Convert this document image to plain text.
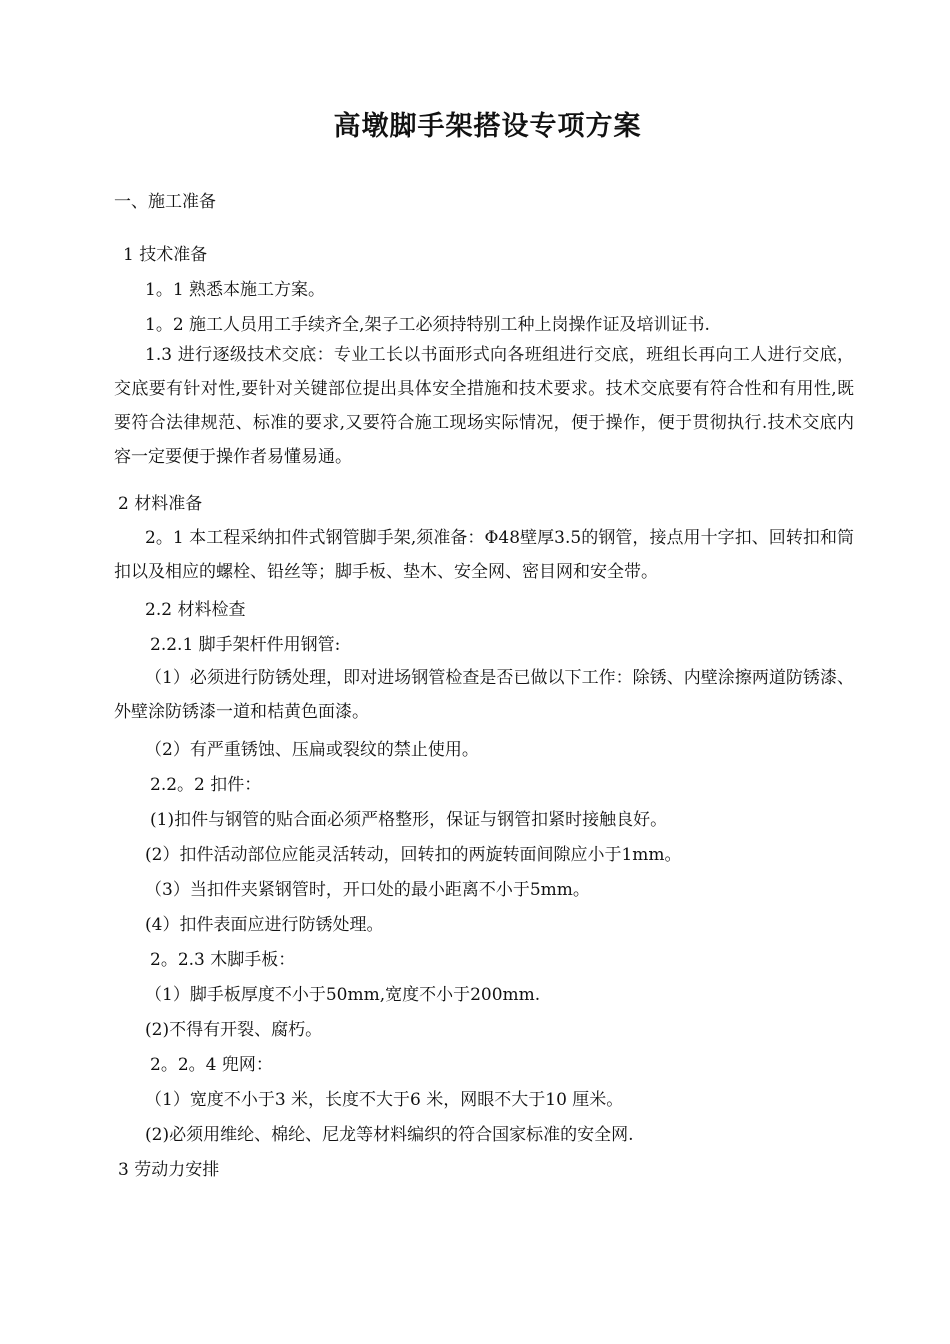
高墩脚手架搭设专项方案
一、施工准备
1 技术准备
1。1 熟悉本施工方案。
1。2 施工人员用工手续齐全,架子工必须持特别工种上岗操作证及培训证书.
1.3 进行逐级技术交底：专业工长以书面形式向各班组进行交底，班组长再向工人进行交底，交底要有针对性,要针对关键部位提出具体安全措施和技术要求。技术交底要有符合性和有用性,既要符合法律规范、标准的要求,又要符合施工现场实际情况，便于操作，便于贯彻执行.技术交底内容一定要便于操作者易懂易通。
2 材料准备
2。1 本工程采纳扣件式钢管脚手架,须准备：Φ48壁厚3.5的钢管，接点用十字扣、回转扣和筒扣以及相应的螺栓、铅丝等；脚手板、垫木、安全网、密目网和安全带。
2.2 材料检查
2.2.1 脚手架杆件用钢管:
（1）必须进行防锈处理，即对进场钢管检查是否已做以下工作：除锈、内壁涂擦两道防锈漆、外壁涂防锈漆一道和桔黄色面漆。
（2）有严重锈蚀、压扁或裂纹的禁止使用。
2.2。2 扣件：
(1)扣件与钢管的贴合面必须严格整形，保证与钢管扣紧时接触良好。
(2）扣件活动部位应能灵活转动，回转扣的两旋转面间隙应小于1mm。
（3）当扣件夹紧钢管时，开口处的最小距离不小于5mm。
(4）扣件表面应进行防锈处理。
2。2.3 木脚手板：
（1）脚手板厚度不小于50mm,宽度不小于200mm.
(2)不得有开裂、腐朽。
2。2。4 兜网：
（1）宽度不小于3 米，长度不大于6 米，网眼不大于10 厘米。
(2)必须用维纶、棉纶、尼龙等材料编织的符合国家标准的安全网.
3 劳动力安排
